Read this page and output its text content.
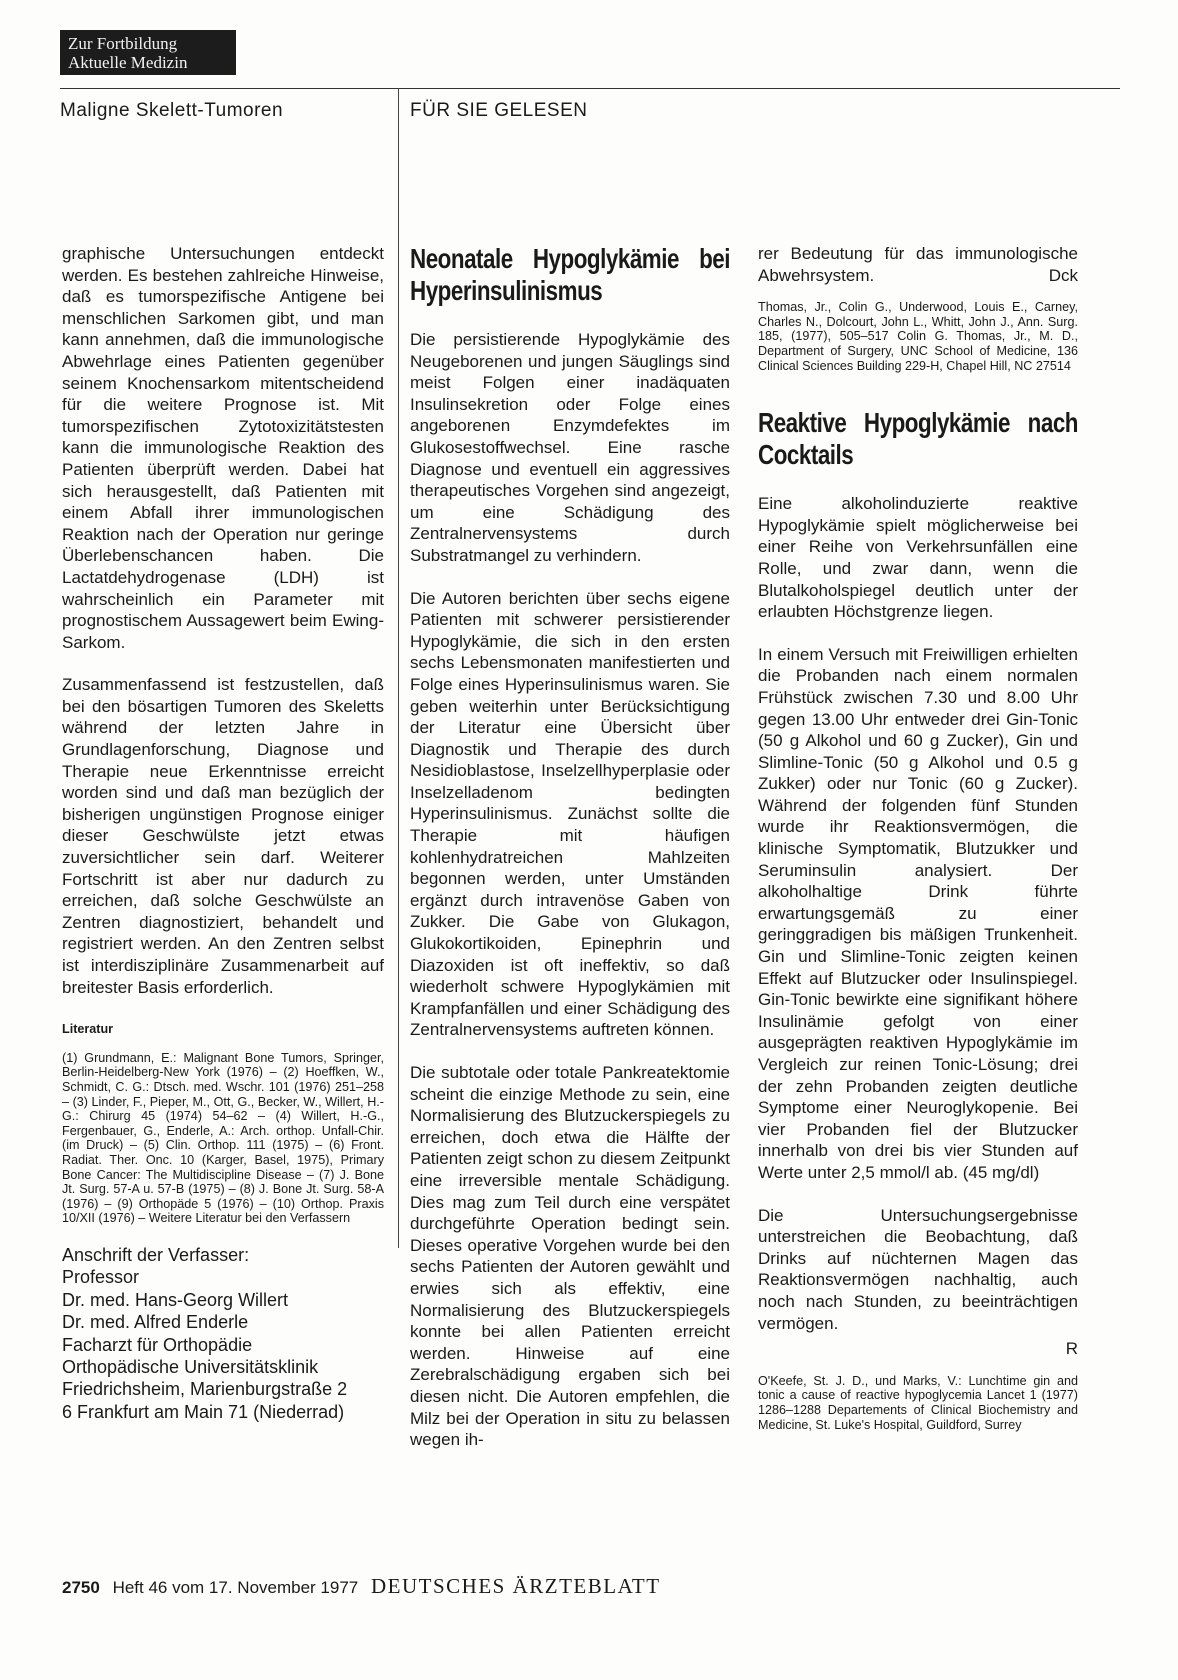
Zur Fortbildung
Aktuelle Medizin
Maligne Skelett-Tumoren	FÜR SIE GELESEN

graphische Untersuchungen entdeckt werden. Es bestehen zahlreiche Hinweise, daß es tumorspezifische Antigene bei menschlichen Sarkomen gibt, und man kann annehmen, daß die immunologische Abwehrlage eines Patienten gegenüber seinem Knochensarkom mitentscheidend für die weitere Prognose ist. Mit tumorspezifischen Zytotoxizitätstesten kann die immunologische Reaktion des Patienten überprüft werden. Dabei hat sich herausgestellt, daß Patienten mit einem Abfall ihrer immunologischen Reaktion nach der Operation nur geringe Überlebenschancen haben. Die Lactatdehydrogenase (LDH) ist wahrscheinlich ein Parameter mit prognostischem Aussagewert beim Ewing-Sarkom.

Zusammenfassend ist festzustellen, daß bei den bösartigen Tumoren des Skeletts während der letzten Jahre in Grundlagenforschung, Diagnose und Therapie neue Erkenntnisse erreicht worden sind und daß man bezüglich der bisherigen ungünstigen Prognose einiger dieser Geschwülste jetzt etwas zuversichtlicher sein darf. Weiterer Fortschritt ist aber nur dadurch zu erreichen, daß solche Geschwülste an Zentren diagnostiziert, behandelt und registriert werden. An den Zentren selbst ist interdisziplinäre Zusammenarbeit auf breitester Basis erforderlich.

Literatur
(1) Grundmann, E.: Malignant Bone Tumors, Springer, Berlin-Heidelberg-New York (1976) – (2) Hoeffken, W., Schmidt, C. G.: Dtsch. med. Wschr. 101 (1976) 251–258 – (3) Linder, F., Pieper, M., Ott, G., Becker, W., Willert, H.-G.: Chirurg 45 (1974) 54–62 – (4) Willert, H.-G., Fergenbauer, G., Enderle, A.: Arch. orthop. Unfall-Chir. (im Druck) – (5) Clin. Orthop. 111 (1975) – (6) Front. Radiat. Ther. Onc. 10 (Karger, Basel, 1975), Primary Bone Cancer: The Multidiscipline Disease – (7) J. Bone Jt. Surg. 57-A u. 57-B (1975) – (8) J. Bone Jt. Surg. 58-A (1976) – (9) Orthopäde 5 (1976) – (10) Orthop. Praxis 10/XII (1976) – Weitere Literatur bei den Verfassern
Anschrift der Verfasser:
Professor
Dr. med. Hans-Georg Willert
Dr. med. Alfred Enderle
Facharzt für Orthopädie
Orthopädische Universitätsklinik
Friedrichsheim, Marienburgstraße 2
6 Frankfurt am Main 71 (Niederrad)
Neonatale Hypoglykämie bei Hyperinsulinismus

Die persistierende Hypoglykämie des Neugeborenen und jungen Säuglings sind meist Folgen einer inadäquaten Insulinsekretion oder Folge eines angeborenen Enzymdefektes im Glukosestoffwechsel. Eine rasche Diagnose und eventuell ein aggressives therapeutisches Vorgehen sind angezeigt, um eine Schädigung des Zentralnervensystems durch Substratmangel zu verhindern.

Die Autoren berichten über sechs eigene Patienten mit schwerer persistierender Hypoglykämie, die sich in den ersten sechs Lebensmonaten manifestierten und Folge eines Hyperinsulinismus waren. Sie geben weiterhin unter Berücksichtigung der Literatur eine Übersicht über Diagnostik und Therapie des durch Nesidioblastose, Inselzellhyperplasie oder Inselzelladenom bedingten Hyperinsulinismus. Zunächst sollte die Therapie mit häufigen kohlenhydratreichen Mahlzeiten begonnen werden, unter Umständen ergänzt durch intravenöse Gaben von Zukker. Die Gabe von Glukagon, Glukokortikoiden, Epinephrin und Diazoxiden ist oft ineffektiv, so daß wiederholt schwere Hypoglykämien mit Krampfanfällen und einer Schädigung des Zentralnervensystems auftreten können.

Die subtotale oder totale Pankreatektomie scheint die einzige Methode zu sein, eine Normalisierung des Blutzuckerspiegels zu erreichen, doch etwa die Hälfte der Patienten zeigt schon zu diesem Zeitpunkt eine irreversible mentale Schädigung. Dies mag zum Teil durch eine verspätet durchgeführte Operation bedingt sein. Dieses operative Vorgehen wurde bei den sechs Patienten der Autoren gewählt und erwies sich als effektiv, eine Normalisierung des Blutzuckerspiegels konnte bei allen Patienten erreicht werden. Hinweise auf eine Zerebralschädigung ergaben sich bei diesen nicht. Die Autoren empfehlen, die Milz bei der Operation in situ zu belassen wegen ih-

rer Bedeutung für das immunologische Abwehrsystem.	Dck

Thomas, Jr., Colin G., Underwood, Louis E., Carney, Charles N., Dolcourt, John L., Whitt, John J., Ann. Surg. 185, (1977), 505–517 Colin G. Thomas, Jr., M. D., Department of Surgery, UNC School of Medicine, 136 Clinical Sciences Building 229-H, Chapel Hill, NC 27514
Reaktive Hypoglykämie nach Cocktails

Eine alkoholinduzierte reaktive Hypoglykämie spielt möglicherweise bei einer Reihe von Verkehrsunfällen eine Rolle, und zwar dann, wenn die Blutalkoholspiegel deutlich unter der erlaubten Höchstgrenze liegen.

In einem Versuch mit Freiwilligen erhielten die Probanden nach einem normalen Frühstück zwischen 7.30 und 8.00 Uhr gegen 13.00 Uhr entweder drei Gin-Tonic (50 g Alkohol und 60 g Zucker), Gin und Slimline-Tonic (50 g Alkohol und 0.5 g Zukker) oder nur Tonic (60 g Zucker). Während der folgenden fünf Stunden wurde ihr Reaktionsvermögen, die klinische Symptomatik, Blutzukker und Seruminsulin analysiert. Der alkoholhaltige Drink führte erwartungsgemäß zu einer geringgradigen bis mäßigen Trunkenheit. Gin und Slimline-Tonic zeigten keinen Effekt auf Blutzucker oder Insulinspiegel. Gin-Tonic bewirkte eine signifikant höhere Insulinämie gefolgt von einer ausgeprägten reaktiven Hypoglykämie im Vergleich zur reinen Tonic-Lösung; drei der zehn Probanden zeigten deutliche Symptome einer Neuroglykopenie. Bei vier Probanden fiel der Blutzucker innerhalb von drei bis vier Stunden auf Werte unter 2,5 mmol/l ab. (45 mg/dl)

Die Untersuchungsergebnisse unterstreichen die Beobachtung, daß Drinks auf nüchternen Magen das Reaktionsvermögen nachhaltig, auch noch nach Stunden, zu beeinträchtigen vermögen.

R
O'Keefe, St. J. D., und Marks, V.: Lunchtime gin and tonic a cause of reactive hypoglycemia Lancet 1 (1977) 1286–1288 Departements of Clinical Biochemistry and Medicine, St. Luke's Hospital, Guildford, Surrey
2750 Heft 46 vom 17. November 1977 DEUTSCHES ÄRZTEBLATT
